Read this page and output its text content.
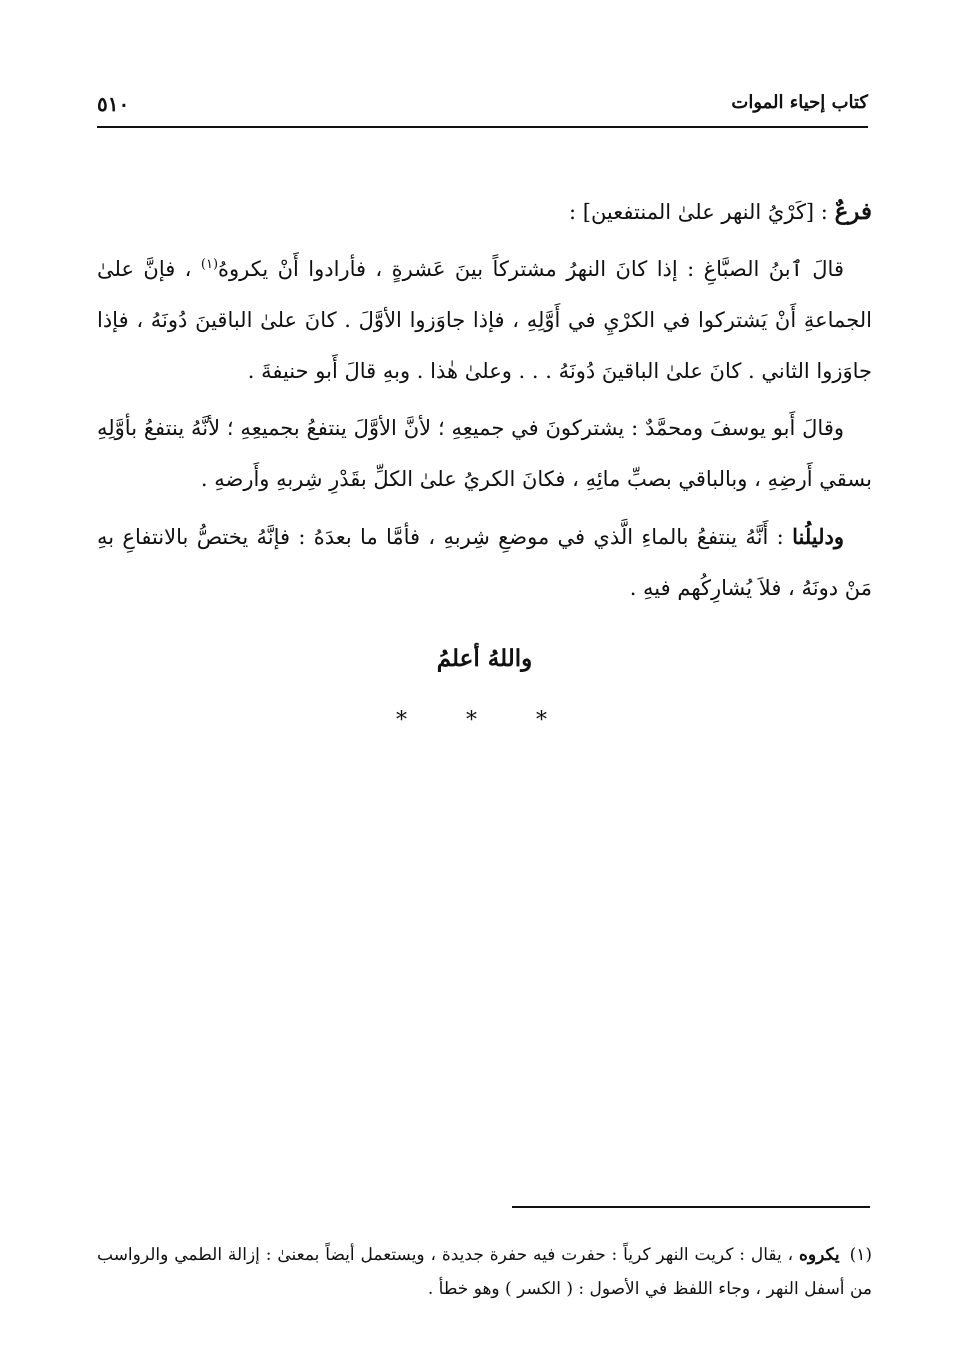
كتاب إحياء الموات
٥١٠

فرعٌ : [كَرْيُ النهر علىٰ المنتفعين] :

قالَ ٱبنُ الصبَّاغِ : إذا كانَ النهرُ مشتركاً بينَ عَشرةٍ ، فأرادوا أَنْ يكروهُ$^{(١)}$ ، فإنَّ علىٰ الجماعةِ أَنْ يَشتركوا في الكرْيِ في أَوَّلِهِ ، فإذا جاوَزوا الأوَّلَ . كانَ علىٰ الباقينَ دُونَهُ ، فإذا جاوَزوا الثاني . كانَ علىٰ الباقينَ دُونَهُ . . . وعلىٰ هٰذا . وبهِ قالَ أَبو حنيفةَ .

وقالَ أَبو يوسفَ ومحمَّدٌ : يشتركونَ في جميعِهِ ؛ لأنَّ الأوَّلَ ينتفعُ بجميعِهِ ؛ لأنَّهُ ينتفعُ بأوَّلِهِ بسقي أَرضِهِ ، وبالباقي بصبِّ مائِهِ ، فكانَ الكريُ علىٰ الكلِّ بقَدْرِ شِربهِ وأَرضهِ .

ودليلُنا : أَنَّهُ ينتفعُ بالماءِ الَّذي في موضعِ شِربهِ ، فأمَّا ما بعدَهُ : فإنَّهُ يختصُّ بالانتفاعِ بهِ مَنْ دونَهُ ، فلاَ يُشارِكُهم فيهِ .

واللهُ أعلمُ
* * *
(١)يكروه ، يقال : كريت النهر كرياً : حفرت فيه حفرة جديدة ، ويستعمل أيضاً بمعنىٰ : إزالة الطمي والرواسب من أسفل النهر ، وجاء اللفظ في الأصول : ( الكسر ) وهو خطأ .
